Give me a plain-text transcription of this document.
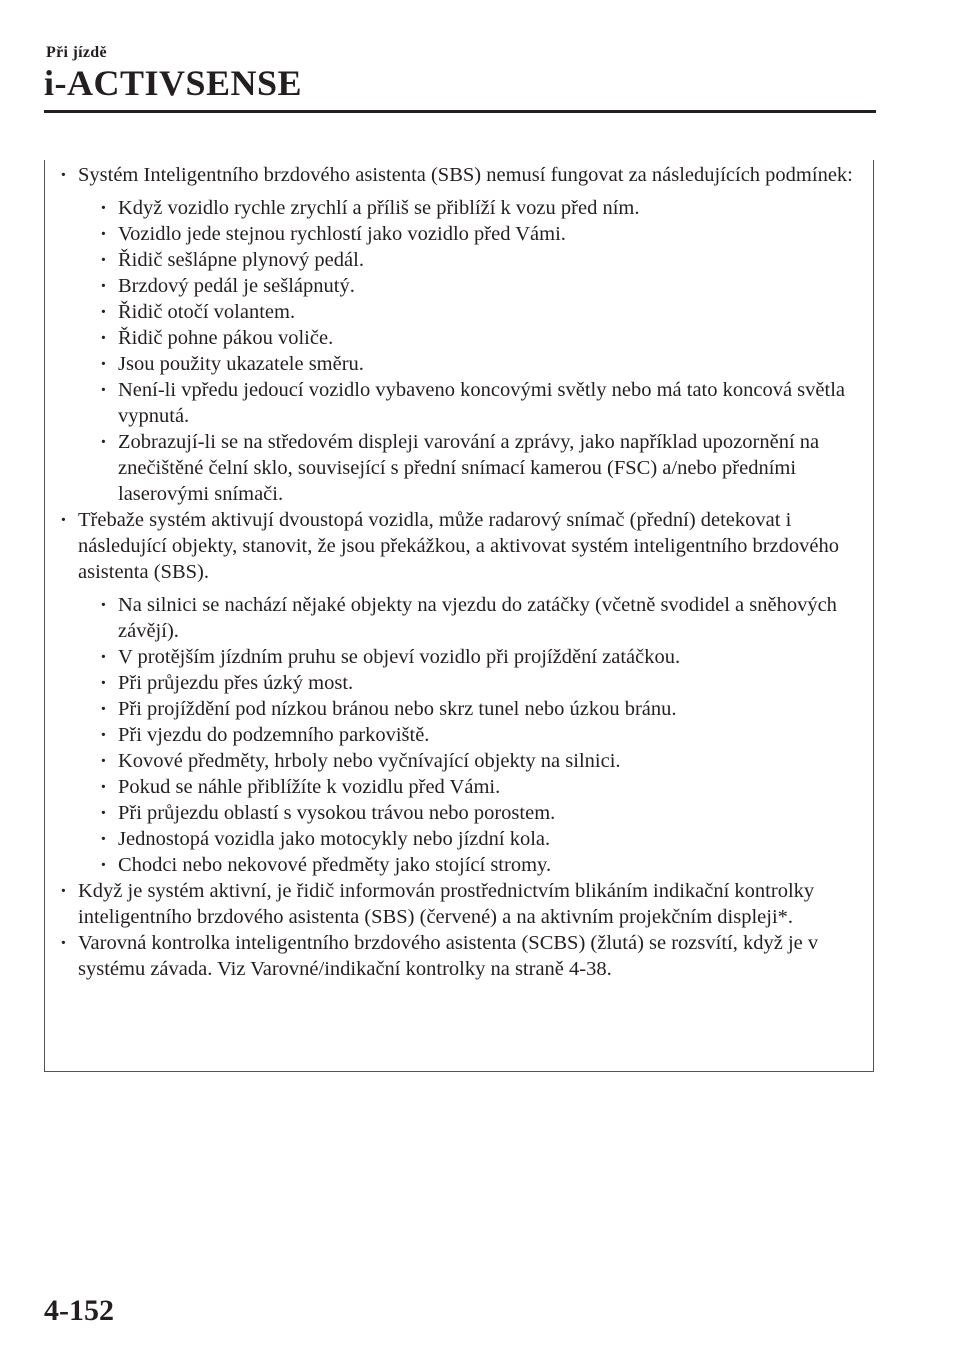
Při jízdě
i-ACTIVSENSE
· Systém Inteligentního brzdového asistenta (SBS) nemusí fungovat za následujících podmínek:
· Když vozidlo rychle zrychlí a příliš se přiblíží k vozu před ním.
· Vozidlo jede stejnou rychlostí jako vozidlo před Vámi.
· Řidič sešlápne plynový pedál.
· Brzdový pedál je sešlápnutý.
· Řidič otočí volantem.
· Řidič pohne pákou voliče.
· Jsou použity ukazatele směru.
· Není-li vpředu jedoucí vozidlo vybaveno koncovými světly nebo má tato koncová světla vypnutá.
· Zobrazují-li se na středovém displeji varování a zprávy, jako například upozornění na znečištěné čelní sklo, související s přední snímací kamerou (FSC) a/nebo předními laserovými snímači.
· Třebaže systém aktivují dvoustopá vozidla, může radarový snímač (přední) detekovat i následující objekty, stanovit, že jsou překážkou, a aktivovat systém inteligentního brzdového asistenta (SBS).
· Na silnici se nachází nějaké objekty na vjezdu do zatáčky (včetně svodidel a sněhových závějí).
· V protějším jízdním pruhu se objeví vozidlo při projíždění zatáčkou.
· Při průjezdu přes úzký most.
· Při projíždění pod nízkou bránou nebo skrz tunel nebo úzkou bránu.
· Při vjezdu do podzemního parkoviště.
· Kovové předměty, hrboly nebo vyčnívající objekty na silnici.
· Pokud se náhle přiblížíte k vozidlu před Vámi.
· Při průjezdu oblastí s vysokou trávou nebo porostem.
· Jednostopá vozidla jako motocykly nebo jízdní kola.
· Chodci nebo nekovové předměty jako stojící stromy.
· Když je systém aktivní, je řidič informován prostřednictvím blikáním indikační kontrolky inteligentního brzdového asistenta (SBS) (červené) a na aktivním projekčním displeji*.
· Varovná kontrolka inteligentního brzdového asistenta (SCBS) (žlutá) se rozsvítí, když je v systému závada. Viz Varovné/indikační kontrolky na straně 4-38.
4-152
